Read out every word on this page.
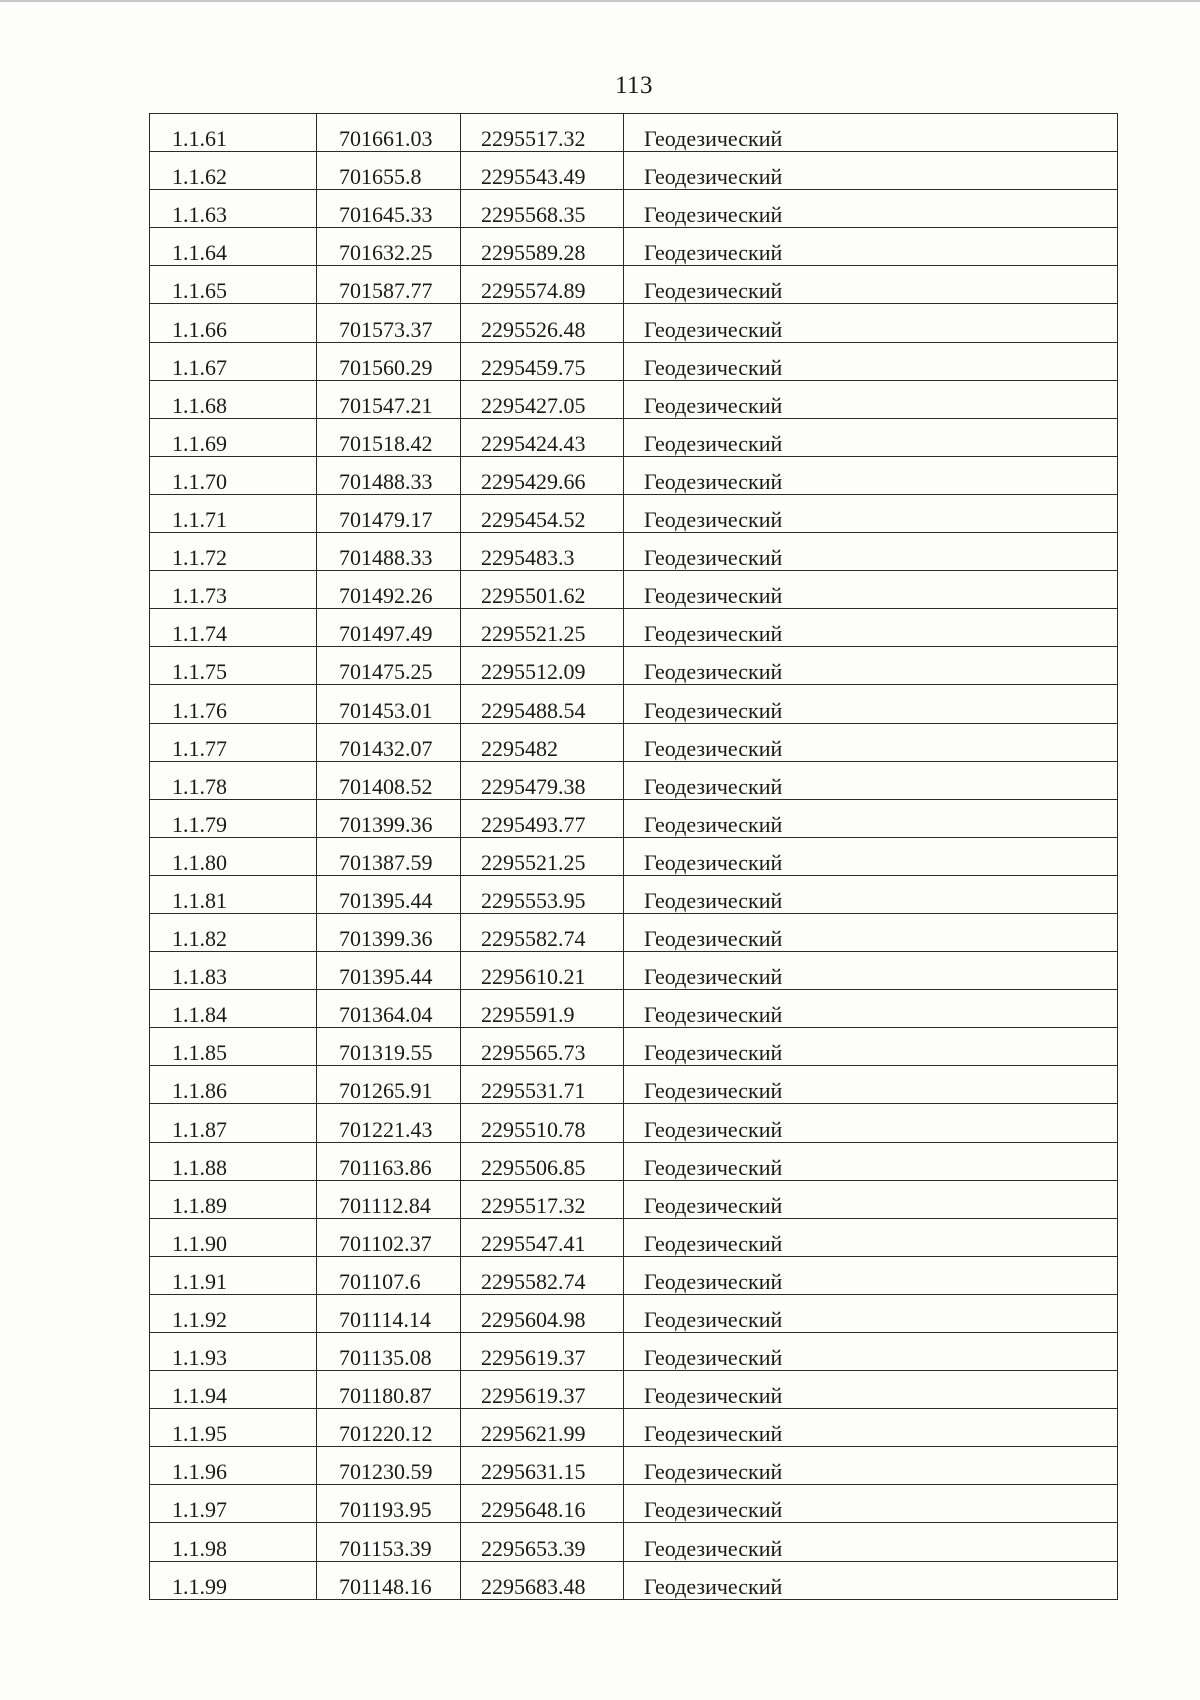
113
1.1.61	701661.03	2295517.32	Геодезический
1.1.62	701655.8	2295543.49	Геодезический
1.1.63	701645.33	2295568.35	Геодезический
1.1.64	701632.25	2295589.28	Геодезический
1.1.65	701587.77	2295574.89	Геодезический
1.1.66	701573.37	2295526.48	Геодезический
1.1.67	701560.29	2295459.75	Геодезический
1.1.68	701547.21	2295427.05	Геодезический
1.1.69	701518.42	2295424.43	Геодезический
1.1.70	701488.33	2295429.66	Геодезический
1.1.71	701479.17	2295454.52	Геодезический
1.1.72	701488.33	2295483.3	Геодезический
1.1.73	701492.26	2295501.62	Геодезический
1.1.74	701497.49	2295521.25	Геодезический
1.1.75	701475.25	2295512.09	Геодезический
1.1.76	701453.01	2295488.54	Геодезический
1.1.77	701432.07	2295482	Геодезический
1.1.78	701408.52	2295479.38	Геодезический
1.1.79	701399.36	2295493.77	Геодезический
1.1.80	701387.59	2295521.25	Геодезический
1.1.81	701395.44	2295553.95	Геодезический
1.1.82	701399.36	2295582.74	Геодезический
1.1.83	701395.44	2295610.21	Геодезический
1.1.84	701364.04	2295591.9	Геодезический
1.1.85	701319.55	2295565.73	Геодезический
1.1.86	701265.91	2295531.71	Геодезический
1.1.87	701221.43	2295510.78	Геодезический
1.1.88	701163.86	2295506.85	Геодезический
1.1.89	701112.84	2295517.32	Геодезический
1.1.90	701102.37	2295547.41	Геодезический
1.1.91	701107.6	2295582.74	Геодезический
1.1.92	701114.14	2295604.98	Геодезический
1.1.93	701135.08	2295619.37	Геодезический
1.1.94	701180.87	2295619.37	Геодезический
1.1.95	701220.12	2295621.99	Геодезический
1.1.96	701230.59	2295631.15	Геодезический
1.1.97	701193.95	2295648.16	Геодезический
1.1.98	701153.39	2295653.39	Геодезический
1.1.99	701148.16	2295683.48	Геодезический
